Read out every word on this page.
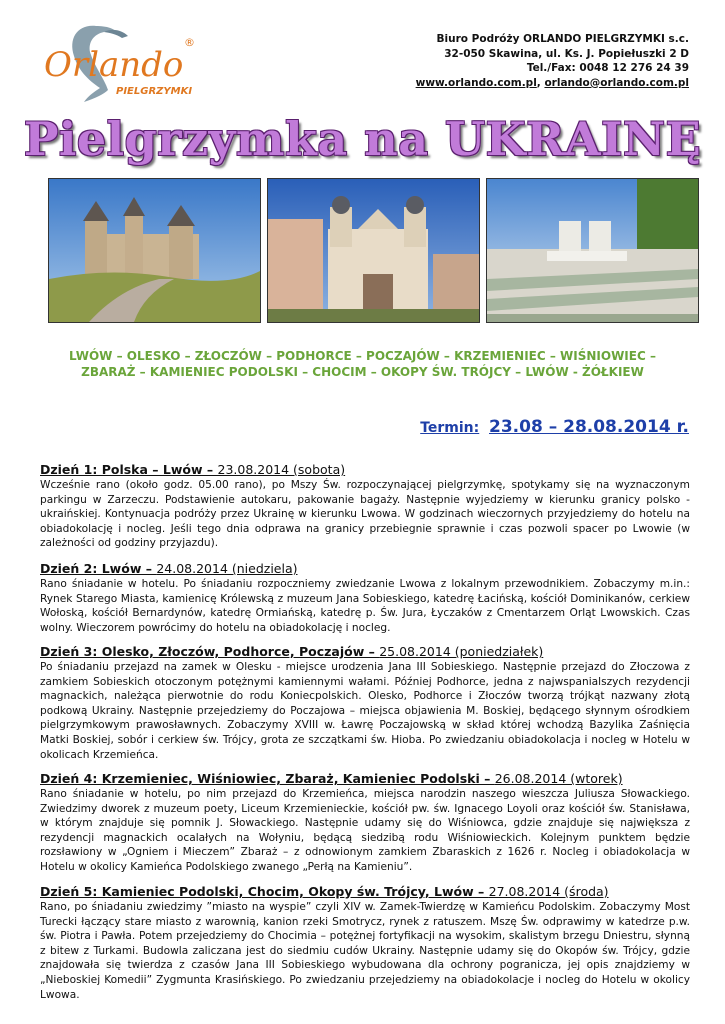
Orlando
®
PIELGRZYMKI
Biuro Podróży ORLANDO PIELGRZYMKI s.c.
32-050 Skawina, ul. Ks. J. Popiełuszki 2 D
Tel./Fax: 0048 12 276 24 39
www.orlando.com.pl, orlando@orlando.com.pl
Pielgrzymka na UKRAINĘ
LWÓW – OLESKO – ZŁOCZÓW – PODHORCE – POCZAJÓW – KRZEMIENIEC – WIŚNIOWIEC –
ZBARAŻ – KAMIENIEC PODOLSKI – CHOCIM – OKOPY ŚW. TRÓJCY – LWÓW - ŻÓŁKIEW
Termin: 23.08 – 28.08.2014 r.
Dzień 1: Polska – Lwów – 23.08.2014 (sobota)

Wcześnie rano (około godz. 05.00 rano), po Mszy Św. rozpoczynającej pielgrzymkę, spotykamy się na wyznaczonym parkingu w Zarzeczu. Podstawienie autokaru, pakowanie bagaży. Następnie wyjedziemy w kierunku granicy polsko - ukraińskiej. Kontynuacja podróży przez Ukrainę w kierunku Lwowa. W godzinach wieczornych przyjedziemy do hotelu na obiadokolację i nocleg. Jeśli tego dnia odprawa na granicy przebiegnie sprawnie i czas pozwoli spacer po Lwowie (w zależności od godziny przyjazdu).

Dzień 2: Lwów – 24.08.2014 (niedziela)

Rano śniadanie w hotelu. Po śniadaniu rozpoczniemy zwiedzanie Lwowa z lokalnym przewodnikiem. Zobaczymy m.in.: Rynek Starego Miasta, kamienicę Królewską z muzeum Jana Sobieskiego, katedrę Łacińską, kościół Dominikanów, cerkiew Wołoską, kościół Bernardynów, katedrę Ormiańską, katedrę p. Św. Jura, Łyczaków z Cmentarzem Orląt Lwowskich. Czas wolny. Wieczorem powrócimy do hotelu na obiadokolację i nocleg.

Dzień 3: Olesko, Złoczów, Podhorce, Poczajów – 25.08.2014 (poniedziałek)

Po śniadaniu przejazd na zamek w Olesku - miejsce urodzenia Jana III Sobieskiego. Następnie przejazd do Złoczowa z zamkiem Sobieskich otoczonym potężnymi kamiennymi wałami. Później Podhorce, jedna z najwspanialszych rezydencji magnackich, należąca pierwotnie do rodu Koniecpolskich. Olesko, Podhorce i Złoczów tworzą trójkąt nazwany złotą podkową Ukrainy. Następnie przejedziemy do Poczajowa – miejsca objawienia M. Boskiej, będącego słynnym ośrodkiem pielgrzymkowym prawosławnych. Zobaczymy XVIII w. Ławrę Poczajowską w skład której wchodzą Bazylika Zaśnięcia Matki Boskiej, sobór i cerkiew św. Trójcy, grota ze szczątkami św. Hioba. Po zwiedzaniu obiadokolacja i nocleg w Hotelu w okolicach Krzemieńca.

Dzień 4: Krzemieniec, Wiśniowiec, Zbaraż, Kamieniec Podolski – 26.08.2014 (wtorek)

Rano śniadanie w hotelu, po nim przejazd do Krzemieńca, miejsca narodzin naszego wieszcza Juliusza Słowackiego. Zwiedzimy dworek z muzeum poety, Liceum Krzemienieckie, kościół pw. św. Ignacego Loyoli oraz kościół św. Stanisława, w którym znajduje się pomnik J. Słowackiego. Następnie udamy się do Wiśniowca, gdzie znajduje się największa z rezydencji magnackich ocalałych na Wołyniu, będącą siedzibą rodu Wiśniowieckich. Kolejnym punktem będzie rozsławiony w „Ogniem i Mieczem” Zbaraż – z odnowionym zamkiem Zbaraskich z 1626 r. Nocleg i obiadokolacja w Hotelu w okolicy Kamieńca Podolskiego zwanego „Perłą na Kamieniu”.

Dzień 5: Kamieniec Podolski, Chocim, Okopy św. Trójcy, Lwów – 27.08.2014 (środa)

Rano, po śniadaniu zwiedzimy ”miasto na wyspie” czyli XIV w. Zamek-Twierdzę w Kamieńcu Podolskim. Zobaczymy Most Turecki łączący stare miasto z warownią, kanion rzeki Smotrycz, rynek z ratuszem. Mszę Św. odprawimy w katedrze p.w. św. Piotra i Pawła. Potem przejedziemy do Chocimia – potężnej fortyfikacji na wysokim, skalistym brzegu Dniestru, słynną z bitew z Turkami. Budowla zaliczana jest do siedmiu cudów Ukrainy. Następnie udamy się do Okopów św. Trójcy, gdzie znajdowała się twierdza z czasów Jana III Sobieskiego wybudowana dla ochrony pogranicza, jej opis znajdziemy w „Nieboskiej Komedii” Zygmunta Krasińskiego. Po zwiedzaniu przejedziemy na obiadokolacje i nocleg do Hotelu w okolicy Lwowa.
